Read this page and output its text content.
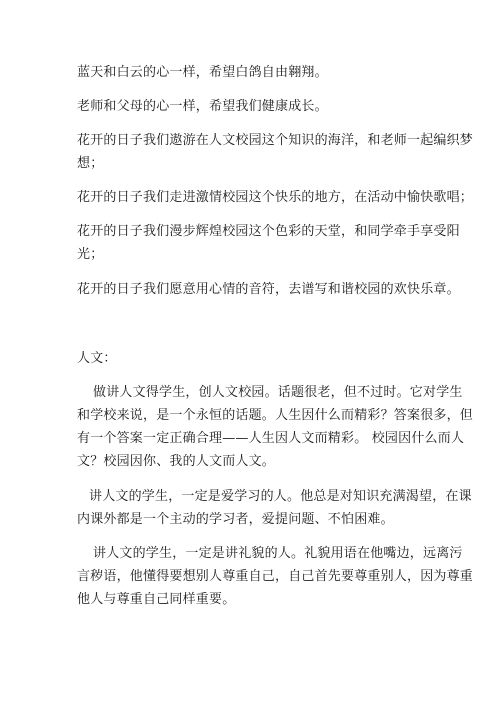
蓝天和白云的心一样，希望白鸽自由翱翔。
老师和父母的心一样，希望我们健康成长。
花开的日子我们遨游在人文校园这个知识的海洋，和老师一起编织梦
想；
花开的日子我们走进激情校园这个快乐的地方，在活动中愉快歌唱；
花开的日子我们漫步辉煌校园这个色彩的天堂，和同学牵手享受阳
光；
花开的日子我们愿意用心情的音符，去谱写和谐校园的欢快乐章。
人文：
做讲人文得学生，创人文校园。话题很老，但不过时。它对学生
和学校来说，是一个永恒的话题。人生因什么而精彩？答案很多，但
有一个答案一定正确合理——人生因人文而精彩。 校园因什么而人
文？校园因你、我的人文而人文。
讲人文的学生，一定是爱学习的人。他总是对知识充满渴望，在课
内课外都是一个主动的学习者，爱提问题、不怕困难。
讲人文的学生，一定是讲礼貌的人。礼貌用语在他嘴边，远离污
言秽语，他懂得要想别人尊重自己，自己首先要尊重别人，因为尊重
他人与尊重自己同样重要。
